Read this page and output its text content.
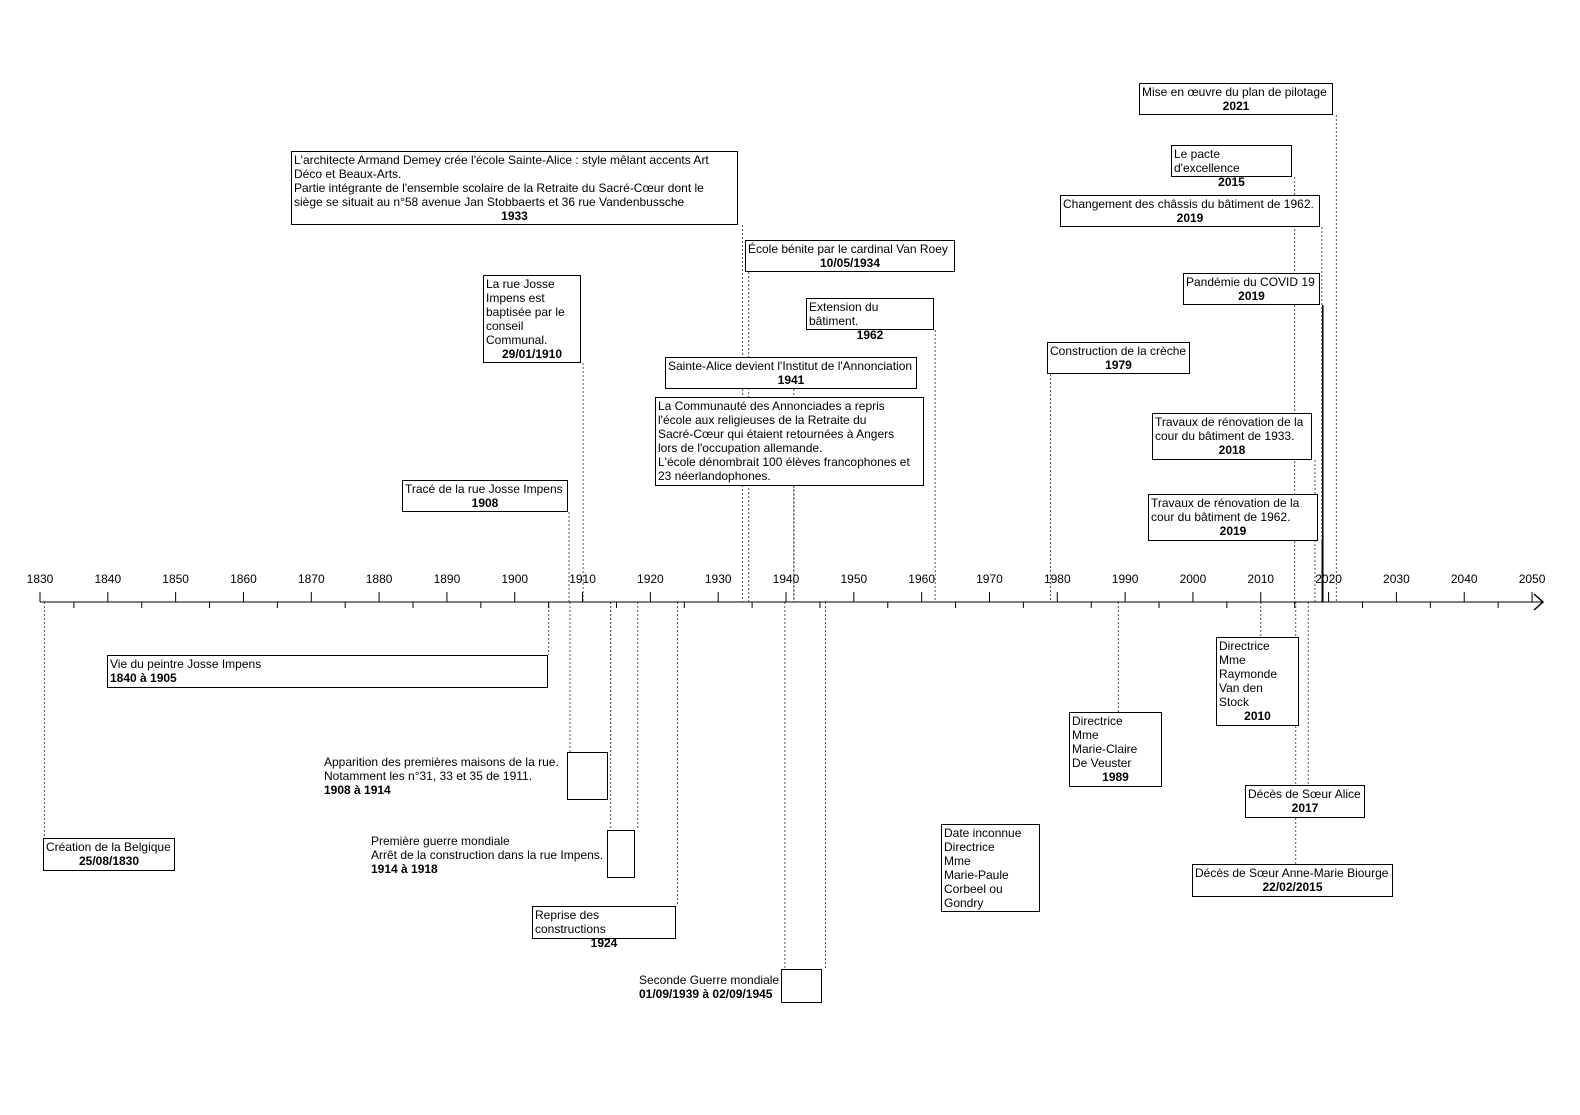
1830	1840	1850	1860	1870	1880	1890	1900	1910	1920	1930	1940	1950	1960	1970	1980	1990	2000	2010	2020	2030	2040	2050
Mise en œuvre du plan de pilotage
2021
Le pacte d'excellence
2015
Changement des châssis du bâtiment de 1962.
2019
L'architecte Armand Demey crée l'école Sainte-Alice : style mêlant accents Art
Déco et Beaux-Arts.
Partie intégrante de l'ensemble scolaire de la Retraite du Sacré-Cœur dont le
siège se situait au n°58 avenue Jan Stobbaerts et 36 rue Vandenbussche
1933
École bénite par le cardinal Van Roey
10/05/1934
Pandémie du COVID 19
2019
La rue Josse
Impens est
baptisée par le
conseil
Communal.
29/01/1910
Extension du bâtiment.
1962
Construction de la crèche
1979
Sainte-Alice devient l'Institut de l'Annonciation
1941
La Communauté des Annonciades a repris
l'école aux religieuses de la Retraite du
Sacré-Cœur qui étaient retournées à Angers
lors de l'occupation allemande.
L'école dénombrait 100 élèves francophones et
23 néerlandophones.
Travaux de rénovation de la
cour du bâtiment de 1933.
2018
Tracé de la rue Josse Impens
1908	Travaux de rénovation de la
cour du bâtiment de 1962.
2019
Vie du peintre Josse Impens
1840 à 1905
Directrice
Mme
Raymonde
Van den
Stock
2010
Directrice
Mme
Marie-Claire
De Veuster
1989
Apparition des premières maisons de la rue.
Notamment les n°31, 33 et 35 de 1911.
1908 à 1914	Décès de Sœur Alice
2017
Création de la Belgique
25/08/1830
Première guerre mondiale
Arrêt de la construction dans la rue Impens.
1914 à 1918
Date inconnue
Directrice
Mme
Marie-Paule
Corbeel ou
Gondry
Décès de Sœur Anne-Marie Biourge
22/02/2015
Reprise des constructions
1924
Seconde Guerre mondiale
01/09/1939 à 02/09/1945
